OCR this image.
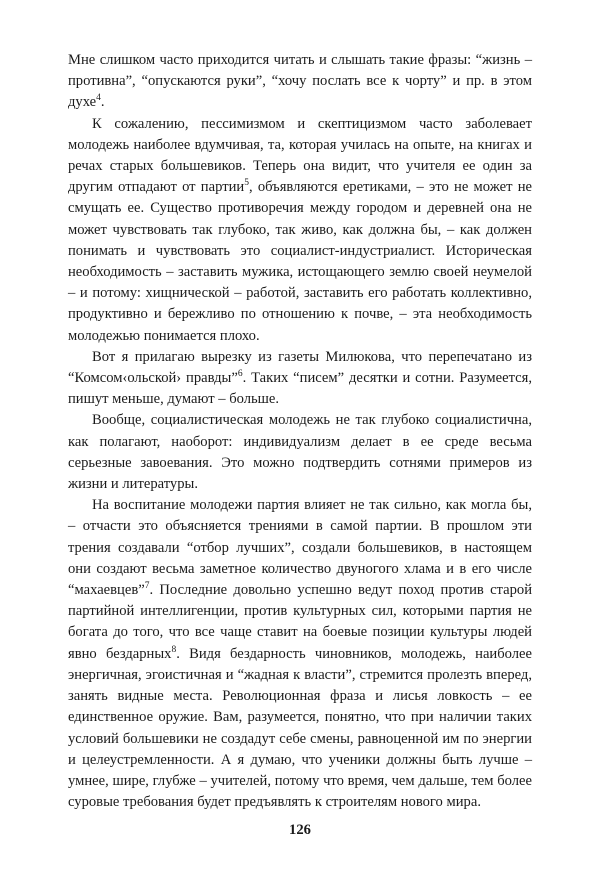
Мне слишком часто приходится читать и слышать такие фразы: “жизнь – противна”, “опускаются руки”, “хочу послать все к чорту” и пр. в этом духе$^4$.

К сожалению, пессимизмом и скептицизмом часто заболевает молодежь наиболее вдумчивая, та, которая училась на опыте, на книгах и речах старых большевиков. Теперь она видит, что учителя ее один за другим отпадают от партии$^5$, объявляются еретиками, – это не может не смущать ее. Существо противоречия между городом и деревней она не может чувствовать так глубоко, так живо, как должна бы, – как должен понимать и чувствовать это социалист-индустриалист. Историческая необходимость – заставить мужика, истощающего землю своей неумелой – и потому: хищнической – работой, заставить его работать коллективно, продуктивно и бережливо по отношению к почве, – эта необходимость молодежью понимается плохо.

Вот я прилагаю вырезку из газеты Милюкова, что перепечатано из “Комсом‹ольской› правды”$^6$. Таких “писем” десятки и сотни. Разумеется, пишут меньше, думают – больше.

Вообще, социалистическая молодежь не так глубоко социалистична, как полагают, наоборот: индивидуализм делает в ее среде весьма серьезные завоевания. Это можно подтвердить сотнями примеров из жизни и литературы.

На воспитание молодежи партия влияет не так сильно, как могла бы, – отчасти это объясняется трениями в самой партии. В прошлом эти трения создавали “отбор лучших”, создали большевиков, в настоящем они создают весьма заметное количество двуногого хлама и в его числе “махаевцев”$^7$. Последние довольно успешно ведут поход против старой партийной интеллигенции, против культурных сил, которыми партия не богата до того, что все чаще ставит на боевые позиции культуры людей явно бездарных$^8$. Видя бездарность чиновников, молодежь, наиболее энергичная, эгоистичная и “жадная к власти”, стремится пролезть вперед, занять видные места. Революционная фраза и лисья ловкость – ее единственное оружие. Вам, разумеется, понятно, что при наличии таких условий большевики не создадут себе смены, равноценной им по энергии и целеустремленности. А я думаю, что ученики должны быть лучше – умнее, шире, глубже – учителей, потому что время, чем дальше, тем более суровые требования будет предъявлять к строителям нового мира.

126
